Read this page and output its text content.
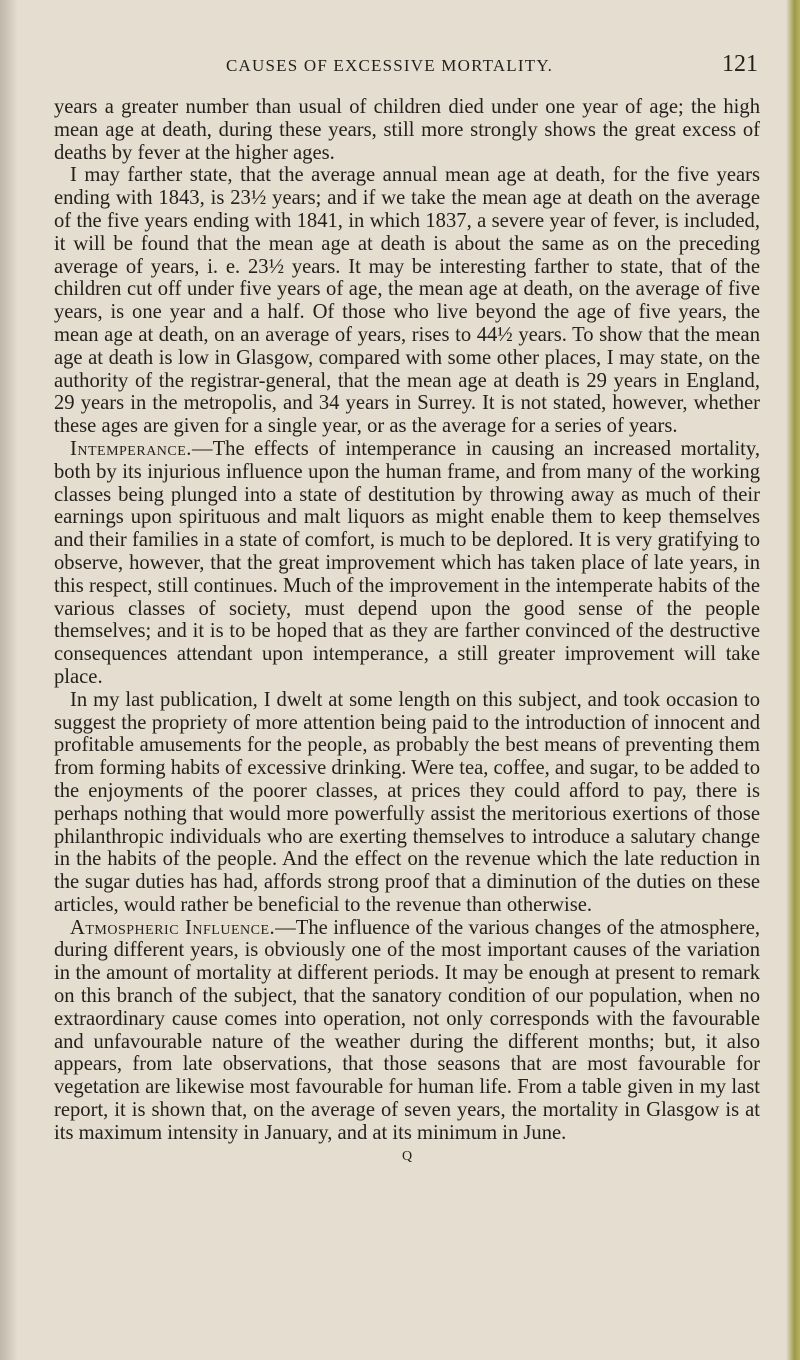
CAUSES OF EXCESSIVE MORTALITY.	121

years a greater number than usual of children died under one year of age; the high mean age at death, during these years, still more strongly shows the great excess of deaths by fever at the higher ages.

I may farther state, that the average annual mean age at death, for the five years ending with 1843, is 23½ years; and if we take the mean age at death on the average of the five years ending with 1841, in which 1837, a severe year of fever, is included, it will be found that the mean age at death is about the same as on the preceding average of years, i. e. 23½ years. It may be interesting farther to state, that of the children cut off under five years of age, the mean age at death, on the average of five years, is one year and a half. Of those who live beyond the age of five years, the mean age at death, on an average of years, rises to 44½ years. To show that the mean age at death is low in Glasgow, compared with some other places, I may state, on the authority of the registrar-general, that the mean age at death is 29 years in England, 29 years in the metropolis, and 34 years in Surrey. It is not stated, however, whether these ages are given for a single year, or as the average for a series of years.

Intemperance.—The effects of intemperance in causing an increased mortality, both by its injurious influence upon the human frame, and from many of the working classes being plunged into a state of destitution by throwing away as much of their earnings upon spirituous and malt liquors as might enable them to keep themselves and their families in a state of comfort, is much to be deplored. It is very gratifying to observe, however, that the great improvement which has taken place of late years, in this respect, still continues. Much of the improvement in the intemperate habits of the various classes of society, must depend upon the good sense of the people themselves; and it is to be hoped that as they are farther convinced of the destructive consequences attendant upon intemperance, a still greater improvement will take place.

In my last publication, I dwelt at some length on this subject, and took occasion to suggest the propriety of more attention being paid to the introduction of innocent and profitable amusements for the people, as probably the best means of preventing them from forming habits of excessive drinking. Were tea, coffee, and sugar, to be added to the enjoyments of the poorer classes, at prices they could afford to pay, there is perhaps nothing that would more powerfully assist the meritorious exertions of those philanthropic individuals who are exerting themselves to introduce a salutary change in the habits of the people. And the effect on the revenue which the late reduction in the sugar duties has had, affords strong proof that a diminution of the duties on these articles, would rather be beneficial to the revenue than otherwise.

Atmospheric Influence.—The influence of the various changes of the atmosphere, during different years, is obviously one of the most important causes of the variation in the amount of mortality at different periods. It may be enough at present to remark on this branch of the subject, that the sanatory condition of our population, when no extraordinary cause comes into operation, not only corresponds with the favourable and unfavourable nature of the weather during the different months; but, it also appears, from late observations, that those seasons that are most favourable for vegetation are likewise most favourable for human life. From a table given in my last report, it is shown that, on the average of seven years, the mortality in Glasgow is at its maximum intensity in January, and at its minimum in June.

Q
